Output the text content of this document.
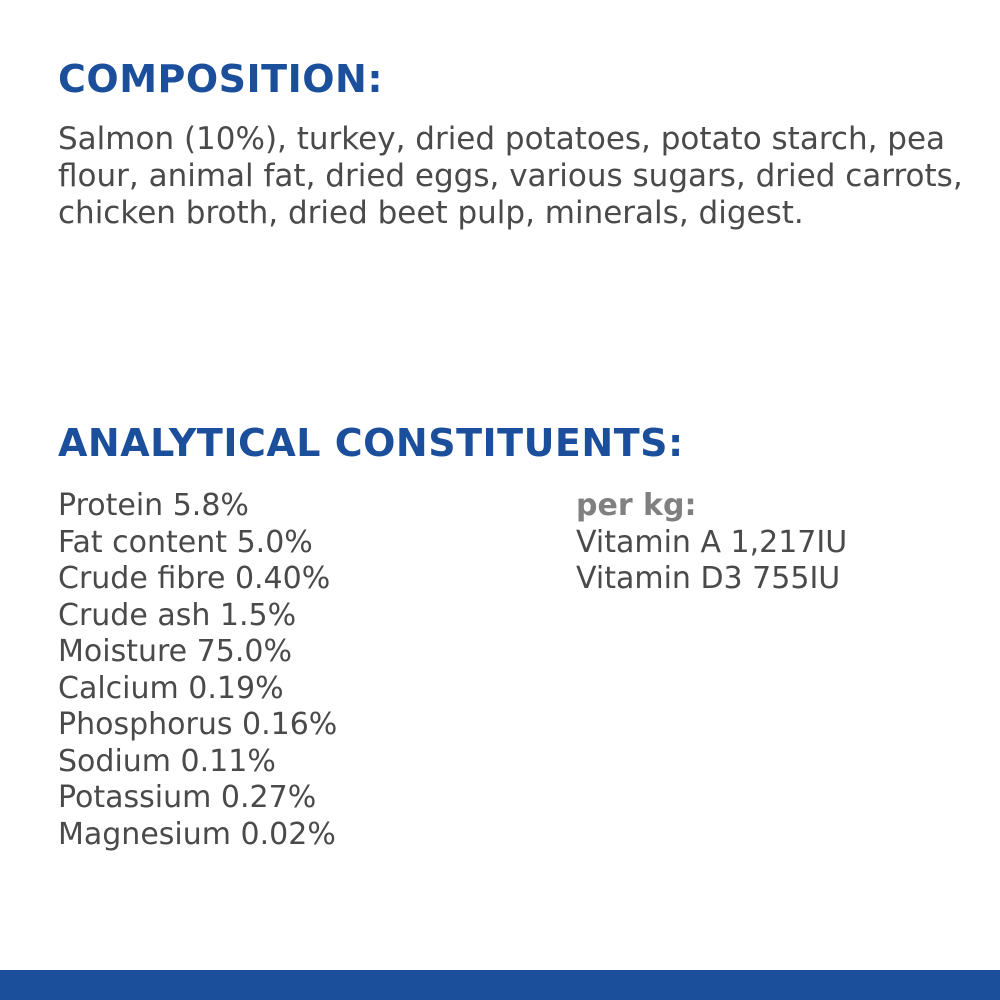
COMPOSITION:

Salmon (10%), turkey, dried potatoes, potato starch, pea flour, animal fat, dried eggs, various sugars, dried carrots, chicken broth, dried beet pulp, minerals, digest.

ANALYTICAL CONSTITUENTS:
Protein 5.8%
Fat content 5.0%
Crude fibre 0.40%
Crude ash 1.5%
Moisture 75.0%
Calcium 0.19%
Phosphorus 0.16%
Sodium 0.11%
Potassium 0.27%
Magnesium 0.02%
per kg:
Vitamin A 1,217IU
Vitamin D3 755IU
